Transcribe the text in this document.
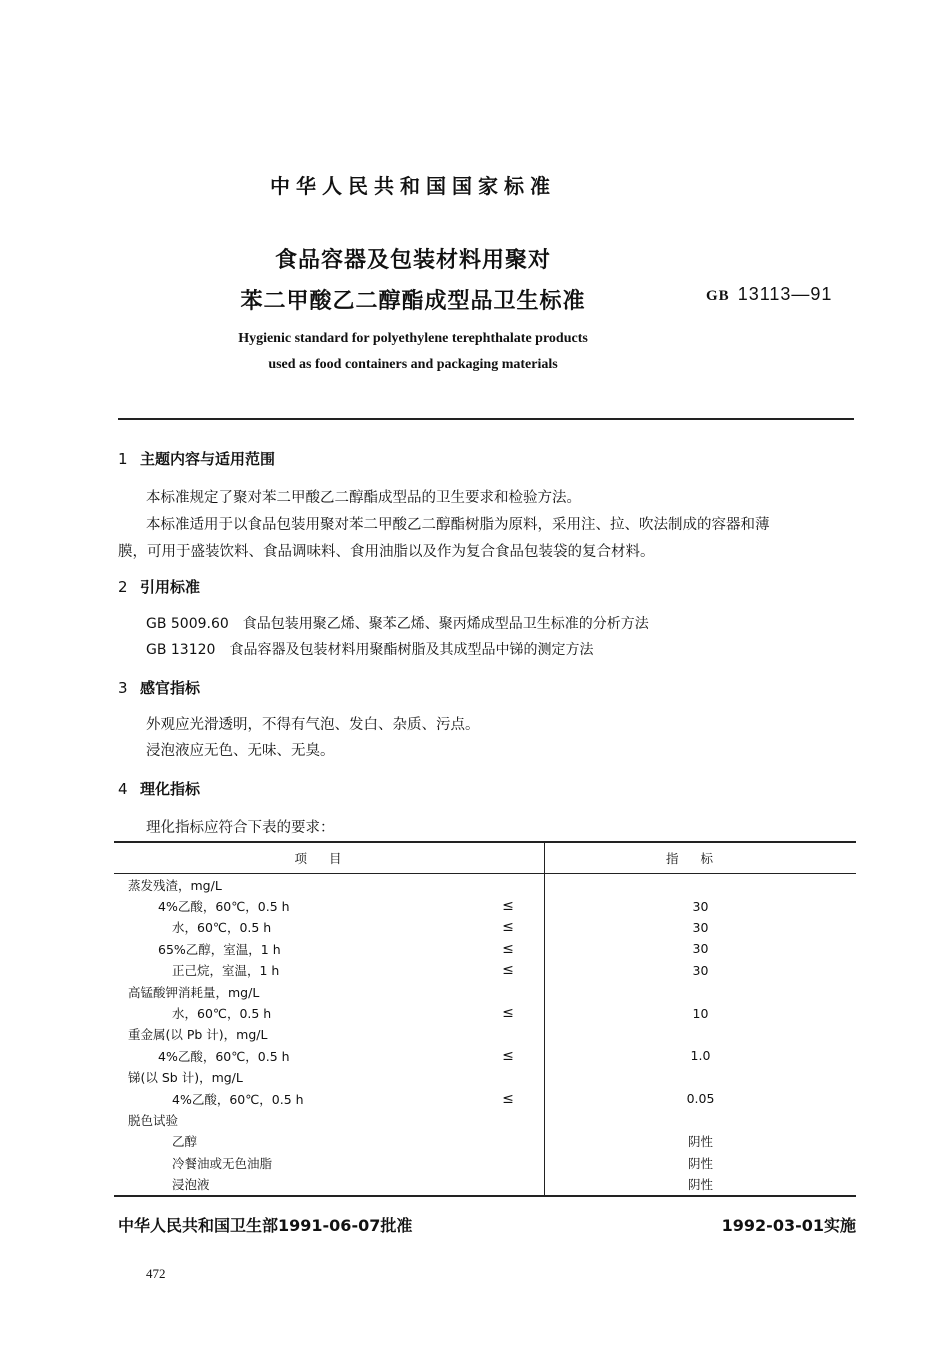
中华人民共和国国家标准
食品容器及包装材料用聚对
苯二甲酸乙二醇酯成型品卫生标准	GB 13113—91
Hygienic standard for polyethylene terephthalate products
used as food containers and packaging materials
1 主题内容与适用范围
本标准规定了聚对苯二甲酸乙二醇酯成型品的卫生要求和检验方法。
本标准适用于以食品包装用聚对苯二甲酸乙二醇酯树脂为原料，采用注、拉、吹法制成的容器和薄
膜，可用于盛装饮料、食品调味料、食用油脂以及作为复合食品包装袋的复合材料。
2 引用标准
GB 5009.60 食品包装用聚乙烯、聚苯乙烯、聚丙烯成型品卫生标准的分析方法
GB 13120 食品容器及包装材料用聚酯树脂及其成型品中锑的测定方法
3 感官指标
外观应光滑透明，不得有气泡、发白、杂质、污点。
浸泡液应无色、无味、无臭。
4 理化指标
理化指标应符合下表的要求：
项目		指标
蒸发残渣，mg/L		
4%乙酸，60℃，0.5 h	≤	30
水，60℃，0.5 h	≤	30
65%乙醇，室温，1 h	≤	30
正己烷，室温，1 h	≤	30
高锰酸钾消耗量，mg/L		
水，60℃，0.5 h	≤	10
重金属(以 Pb 计)，mg/L		
4%乙酸，60℃，0.5 h	≤	1.0
锑(以 Sb 计)，mg/L		
4%乙酸，60℃，0.5 h	≤	0.05
脱色试验		
乙醇		阴性
冷餐油或无色油脂		阴性
浸泡液		阴性
中华人民共和国卫生部1991-06-07批准	1992-03-01实施
472
